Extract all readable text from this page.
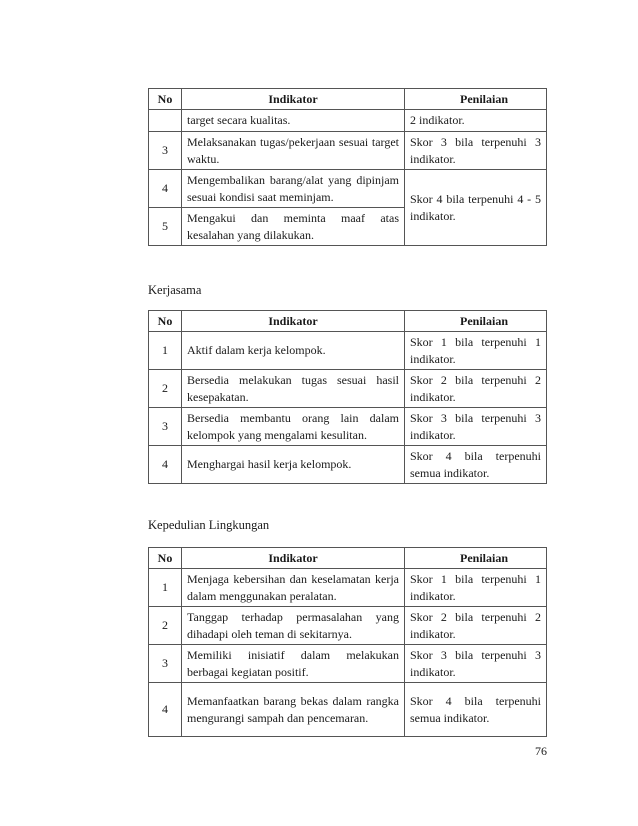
No	Indikator	Penilaian
	target secara kualitas.	2 indikator.
3	Melaksanakan tugas/pekerjaan sesuai target waktu.	Skor 3 bila terpenuhi 3 indikator.
4	Mengembalikan barang/alat yang dipinjam sesuai kondisi saat meminjam.	Skor 4 bila terpenuhi 4 - 5 indikator.
5	Mengakui dan meminta maaf atas kesalahan yang dilakukan.	
Kerjasama
No	Indikator	Penilaian
1	Aktif dalam kerja kelompok.	Skor 1 bila terpenuhi 1 indikator.
2	Bersedia melakukan tugas sesuai hasil kesepakatan.	Skor 2 bila terpenuhi 2 indikator.
3	Bersedia membantu orang lain dalam kelompok yang mengalami kesulitan.	Skor 3 bila terpenuhi 3 indikator.
4	Menghargai hasil kerja kelompok.	Skor 4 bila terpenuhi semua indikator.
Kepedulian Lingkungan
No	Indikator	Penilaian
1	Menjaga kebersihan dan keselamatan kerja dalam menggunakan peralatan.	Skor 1 bila terpenuhi 1 indikator.
2	Tanggap terhadap permasalahan yang dihadapi oleh teman di sekitarnya.	Skor 2 bila terpenuhi 2 indikator.
3	Memiliki inisiatif dalam melakukan berbagai kegiatan positif.	Skor 3 bila terpenuhi 3 indikator.
4	Memanfaatkan barang bekas dalam rangka mengurangi sampah dan pencemaran.	Skor 4 bila terpenuhi semua indikator.
76
